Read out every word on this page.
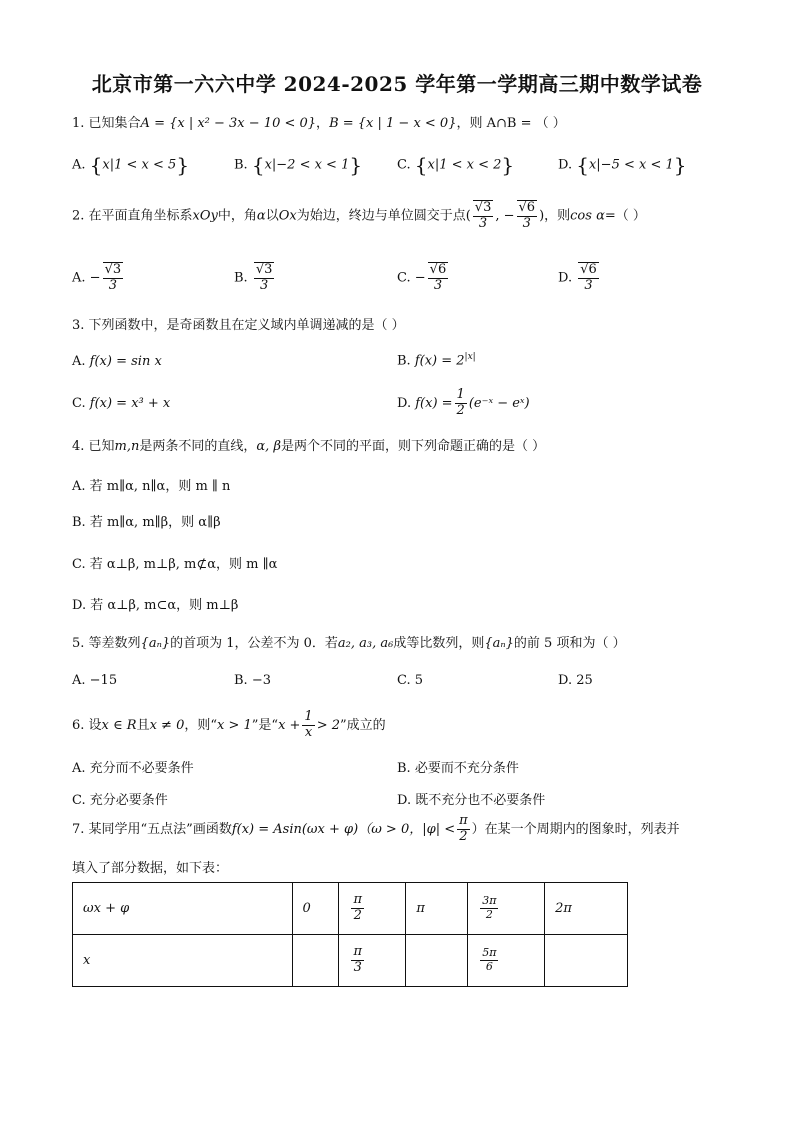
北京市第一六六中学 2024-2025 学年第一学期高三期中数学试卷
1. 已知集合A = {x | x² − 3x − 10 < 0}，B = {x | 1 − x < 0}，则 A∩B = （ ）
A. {x|1 < x < 5}	B. {x|−2 < x < 1}	C. {x|1 < x < 2}	D. {x|−5 < x < 1}
2. 在平面直角坐标系xOy中，角α以Ox为始边，终边与单位圆交于点( $\frac{√3}{3}$ , − $\frac{√6}{3}$ )，则cos α=（ ）
A. − $\frac{√3}{3}$	B. $\frac{√3}{3}$	C. − $\frac{√6}{3}$	D. $\frac{√6}{3}$
3. 下列函数中，是奇函数且在定义域内单调递减的是（ ）
A. f(x) = sin x	B. $f(x) = 2^{|x|}$
C. f(x) = x³ + x	D. $f(x) = \frac{1}{2}$ (e⁻ˣ − eˣ)
4. 已知m,n是两条不同的直线，α, β是两个不同的平面，则下列命题正确的是（ ）
A. 若 m∥α, n∥α，则 m ∥ n
B. 若 m∥α, m∥β，则 α∥β
C. 若 α⊥β, m⊥β, m⊄α，则 m ∥α
D. 若 α⊥β, m⊂α，则 m⊥β
5. 等差数列{aₙ}的首项为 1，公差不为 0．若a₂, a₃, a₆成等比数列，则{aₙ}的前 5 项和为（ ）
A. −15	B. −3	C. 5	D. 25
6. 设x ∈ R且x ≠ 0，则“x > 1”是“$x + \frac{1}{x} > 2$”成立的
A. 充分而不必要条件	B. 必要而不充分条件
C. 充分必要条件	D. 既不充分也不必要条件
7. 某同学用“五点法”画函数f(x) = Asin(ωx + φ)（ω > 0，$|\varphi| < \frac{\pi}{2}$ ）在某一个周期内的图象时，列表并
填入了部分数据，如下表：
ωx + φ	0	$\frac{\pi}{2}$	π	$\frac{3\pi}{2}$	2π
x		$\frac{\pi}{3}$		$\frac{5\pi}{6}$
